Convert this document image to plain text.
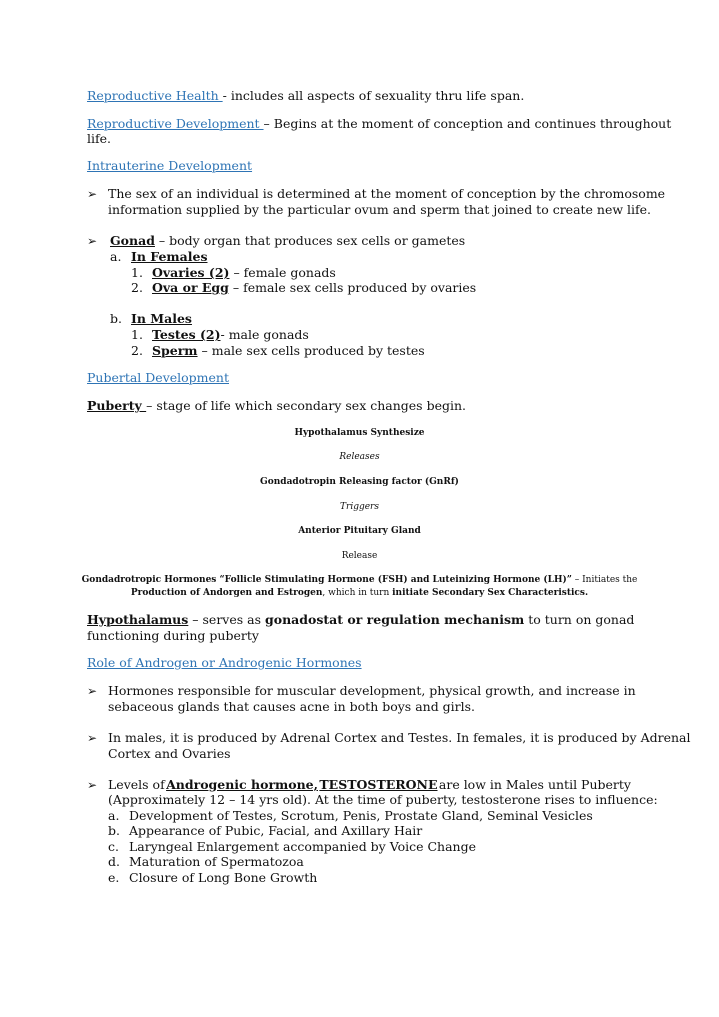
Reproductive Health - includes all aspects of sexuality thru life span.
Reproductive Development – Begins at the moment of conception and continues throughout
life.
Intrauterine Development
➢ The sex of an individual is determined at the moment of conception by the chromosome
information supplied by the particular ovum and sperm that joined to create new life.
➢ Gonad – body organ that produces sex cells or gametes
a. In Females
1. Ovaries (2) – female gonads
2. Ova or Egg – female sex cells produced by ovaries
b. In Males
1. Testes (2)- male gonads
2. Sperm – male sex cells produced by testes
Pubertal Development
Puberty – stage of life which secondary sex changes begin.
Hypothalamus Synthesize
Releases
Gondadotropin Releasing factor (GnRf)
Triggers
Anterior Pituitary Gland
Release
Gondadrotropic Hormones “Follicle Stimulating Hormone (FSH) and Luteinizing Hormone (LH)” – Initiates the
Production of Andorgen and Estrogen, which in turn initiate Secondary Sex Characteristics.
Hypothalamus – serves as gonadostat or regulation mechanism to turn on gonad
functioning during puberty
Role of Androgen or Androgenic Hormones
➢ Hormones responsible for muscular development, physical growth, and increase in
sebaceous glands that causes acne in both boys and girls.
➢ In males, it is produced by Adrenal Cortex and Testes. In females, it is produced by Adrenal
Cortex and Ovaries
➢ Levels of Androgenic hormone, TESTOSTERONE are low in Males until Puberty
(Approximately 12 – 14 yrs old). At the time of puberty, testosterone rises to influence:
a. Development of Testes, Scrotum, Penis, Prostate Gland, Seminal Vesicles
b. Appearance of Pubic, Facial, and Axillary Hair
c. Laryngeal Enlargement accompanied by Voice Change
d. Maturation of Spermatozoa
e. Closure of Long Bone Growth
